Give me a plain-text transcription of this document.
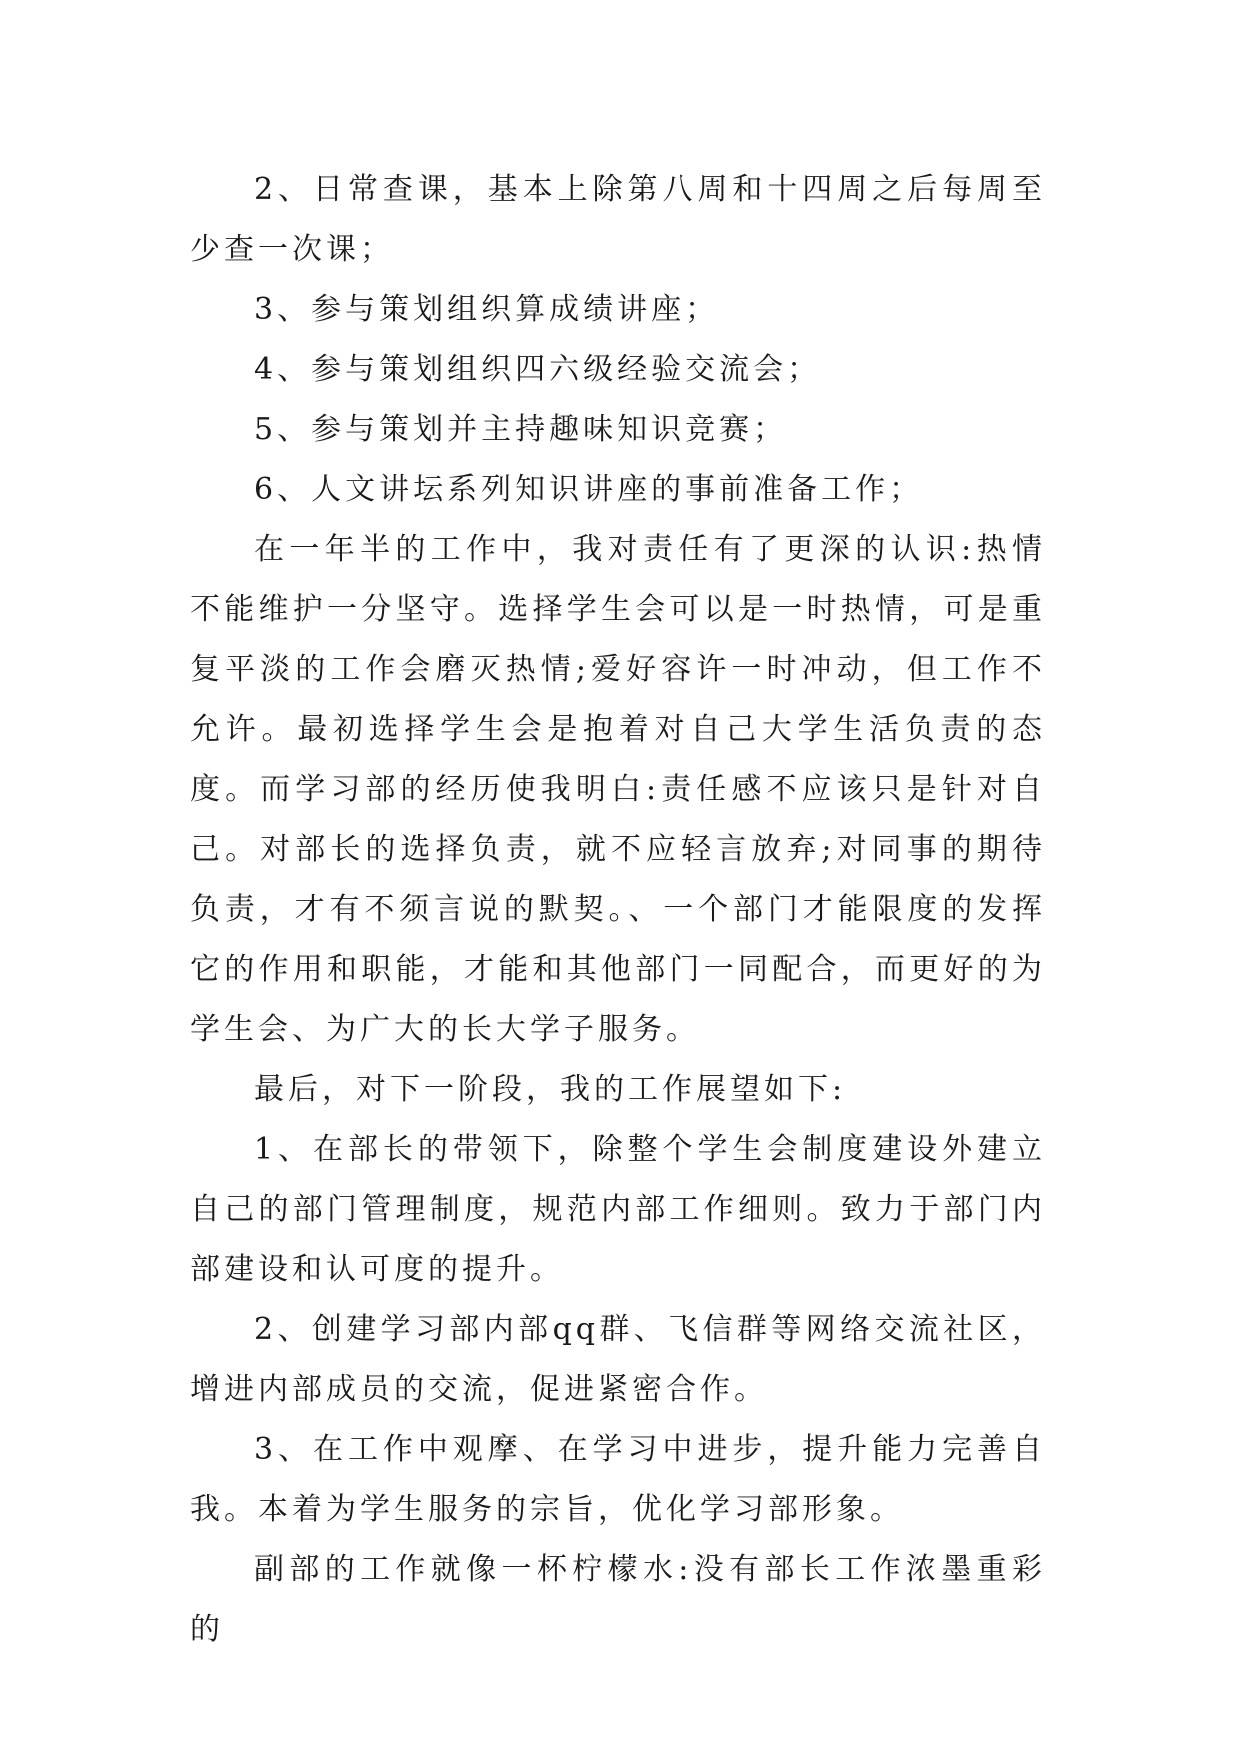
2、日常查课，基本上除第八周和十四周之后每周至少查一次课；

3、参与策划组织算成绩讲座；

4、参与策划组织四六级经验交流会；

5、参与策划并主持趣味知识竞赛；

6、人文讲坛系列知识讲座的事前准备工作；

在一年半的工作中，我对责任有了更深的认识:热情不能维护一分坚守。选择学生会可以是一时热情，可是重复平淡的工作会磨灭热情;爱好容许一时冲动，但工作不允许。最初选择学生会是抱着对自己大学生活负责的态度。而学习部的经历使我明白:责任感不应该只是针对自己。对部长的选择负责，就不应轻言放弃;对同事的期待负责，才有不须言说的默契。、一个部门才能限度的发挥它的作用和职能，才能和其他部门一同配合，而更好的为学生会、为广大的长大学子服务。

最后，对下一阶段，我的工作展望如下:

1、在部长的带领下，除整个学生会制度建设外建立自己的部门管理制度，规范内部工作细则。致力于部门内部建设和认可度的提升。

2、创建学习部内部qq群、飞信群等网络交流社区，增进内部成员的交流，促进紧密合作。

3、在工作中观摩、在学习中进步，提升能力完善自我。本着为学生服务的宗旨，优化学习部形象。

副部的工作就像一杯柠檬水:没有部长工作浓墨重彩的
